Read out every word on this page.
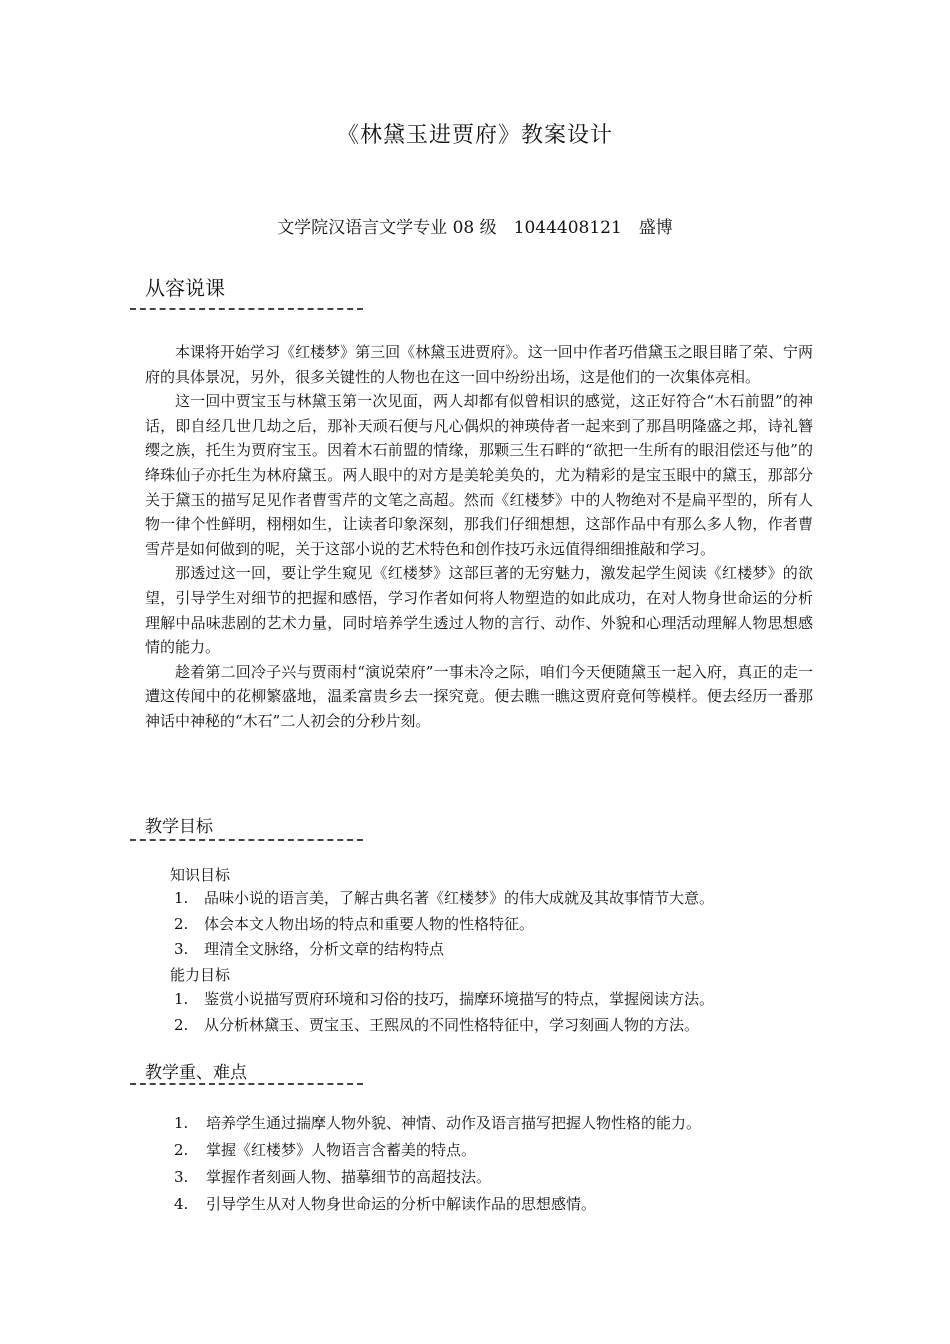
《林黛玉进贾府》教案设计
文学院汉语言文学专业 08 级　1044408121　盛博
从容说课

本课将开始学习《红楼梦》第三回《林黛玉进贾府》。这一回中作者巧借黛玉之眼目睹了荣、宁两府的具体景况，另外，很多关键性的人物也在这一回中纷纷出场，这是他们的一次集体亮相。

这一回中贾宝玉与林黛玉第一次见面，两人却都有似曾相识的感觉，这正好符合“木石前盟”的神话，即自经几世几劫之后，那补天顽石便与凡心偶炽的神瑛侍者一起来到了那昌明隆盛之邦，诗礼簪缨之族，托生为贾府宝玉。因着木石前盟的情缘，那颗三生石畔的“欲把一生所有的眼泪偿还与他”的绛珠仙子亦托生为林府黛玉。两人眼中的对方是美轮美奂的，尤为精彩的是宝玉眼中的黛玉，那部分关于黛玉的描写足见作者曹雪芹的文笔之高超。然而《红楼梦》中的人物绝对不是扁平型的，所有人物一律个性鲜明，栩栩如生，让读者印象深刻，那我们仔细想想，这部作品中有那么多人物，作者曹雪芹是如何做到的呢，关于这部小说的艺术特色和创作技巧永远值得细细推敲和学习。

那透过这一回，要让学生窥见《红楼梦》这部巨著的无穷魅力，激发起学生阅读《红楼梦》的欲望，引导学生对细节的把握和感悟，学习作者如何将人物塑造的如此成功，在对人物身世命运的分析理解中品味悲剧的艺术力量，同时培养学生透过人物的言行、动作、外貌和心理活动理解人物思想感情的能力。

趁着第二回冷子兴与贾雨村“演说荣府”一事未冷之际，咱们今天便随黛玉一起入府，真正的走一遭这传闻中的花柳繁盛地，温柔富贵乡去一探究竟。便去瞧一瞧这贾府竟何等模样。便去经历一番那神话中神秘的“木石”二人初会的分秒片刻。

教学目标
知识目标
1. 品味小说的语言美，了解古典名著《红楼梦》的伟大成就及其故事情节大意。
2. 体会本文人物出场的特点和重要人物的性格特征。
3. 理清全文脉络，分析文章的结构特点
能力目标
1. 鉴赏小说描写贾府环境和习俗的技巧，揣摩环境描写的特点，掌握阅读方法。
2. 从分析林黛玉、贾宝玉、王熙凤的不同性格特征中，学习刻画人物的方法。
教学重、难点
1. 培养学生通过揣摩人物外貌、神情、动作及语言描写把握人物性格的能力。
2. 掌握《红楼梦》人物语言含蓄美的特点。
3. 掌握作者刻画人物、描摹细节的高超技法。
4. 引导学生从对人物身世命运的分析中解读作品的思想感情。
